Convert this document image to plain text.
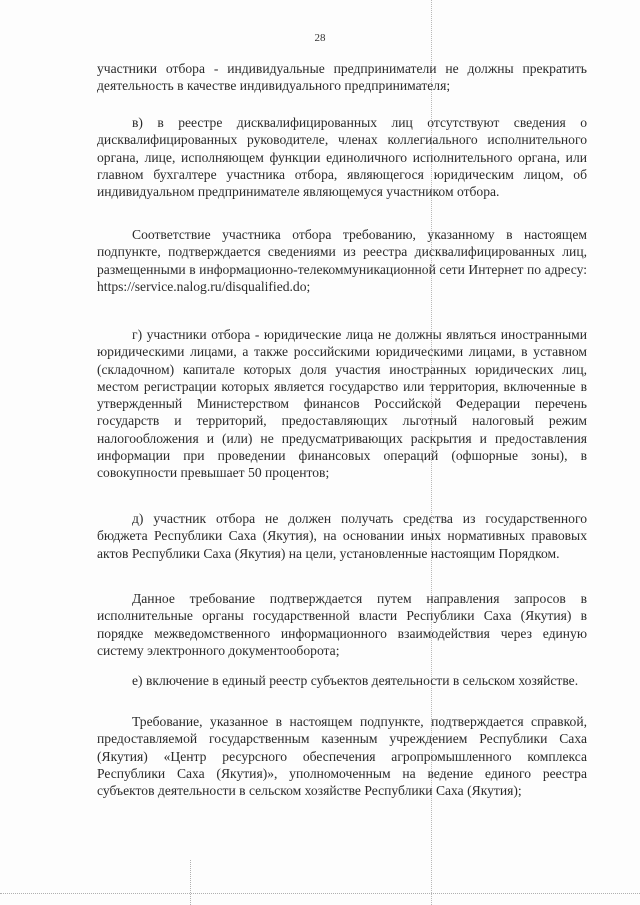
28

участники отбора - индивидуальные предприниматели не должны прекратить деятельность в качестве индивидуального предпринимателя;

в) в реестре дисквалифицированных лиц отсутствуют сведения о дисквалифицированных руководителе, членах коллегиального исполнительного органа, лице, исполняющем функции единоличного исполнительного органа, или главном бухгалтере участника отбора, являющегося юридическим лицом, об индивидуальном предпринимателе являющемуся участником отбора.

Соответствие участника отбора требованию, указанному в настоящем подпункте, подтверждается сведениями из реестра дисквалифицированных лиц, размещенными в информационно-телекоммуникационной сети Интернет по адресу: https://service.nalog.ru/disqualified.do;

г) участники отбора - юридические лица не должны являться иностранными юридическими лицами, а также российскими юридическими лицами, в уставном (складочном) капитале которых доля участия иностранных юридических лиц, местом регистрации которых является государство или территория, включенные в утвержденный Министерством финансов Российской Федерации перечень государств и территорий, предоставляющих льготный налоговый режим налогообложения и (или) не предусматривающих раскрытия и предоставления информации при проведении финансовых операций (офшорные зоны), в совокупности превышает 50 процентов;

д) участник отбора не должен получать средства из государственного бюджета Республики Саха (Якутия), на основании иных нормативных правовых актов Республики Саха (Якутия) на цели, установленные настоящим Порядком.

Данное требование подтверждается путем направления запросов в исполнительные органы государственной власти Республики Саха (Якутия) в порядке межведомственного информационного взаимодействия через единую систему электронного документооборота;

е) включение в единый реестр субъектов деятельности в сельском хозяйстве.

Требование, указанное в настоящем подпункте, подтверждается справкой, предоставляемой государственным казенным учреждением Республики Саха (Якутия) «Центр ресурсного обеспечения агропромышленного комплекса Республики Саха (Якутия)», уполномоченным на ведение единого реестра субъектов деятельности в сельском хозяйстве Республики Саха (Якутия);
